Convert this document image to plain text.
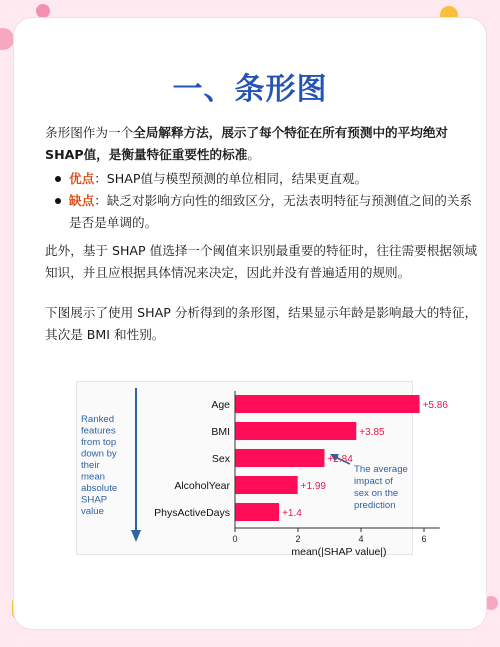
一、条形图
条形图作为一个全局解释方法，展示了每个特征在所有预测中的平均绝对SHAP值，是衡量特征重要性的标准。
优点：SHAP值与模型预测的单位相同，结果更直观。
缺点：缺乏对影响方向性的细致区分，无法表明特征与预测值之间的关系是否是单调的。
此外，基于 SHAP 值选择一个阈值来识别最重要的特征时，往往需要根据领域知识，并且应根据具体情况来决定，因此并没有普遍适用的规则。
下图展示了使用 SHAP 分析得到的条形图，结果显示年龄是影响最大的特征，其次是 BMI 和性别。
Ranked
features
from top
down by
their
mean
absolute
SHAP
value
The average
impact of
sex on the
prediction
Age	+5.86
BMI	+3.85
Sex	+2.84
AlcoholYear	+1.99
PhysActiveDays	+1.4
0	2	4	6
mean(|SHAP value|)
